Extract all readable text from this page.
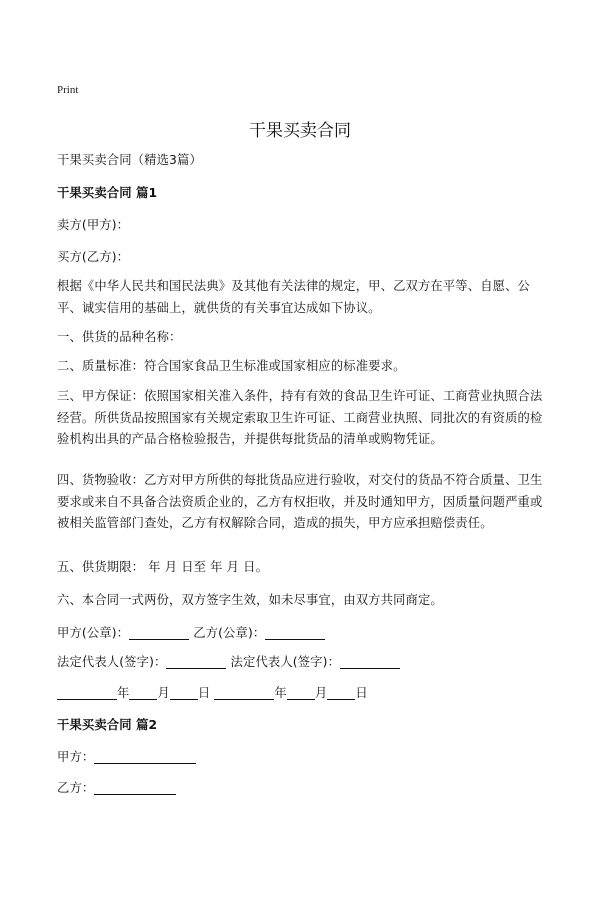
Print
干果买卖合同
干果买卖合同（精选3篇）
干果买卖合同 篇1
卖方(甲方)：
买方(乙方)：
根据《中华人民共和国民法典》及其他有关法律的规定，甲、乙双方在平等、自愿、公平、诚实信用的基础上，就供货的有关事宜达成如下协议。
一、供货的品种名称：
二、质量标准：符合国家食品卫生标准或国家相应的标准要求。
三、甲方保证：依照国家相关准入条件，持有有效的食品卫生许可证、工商营业执照合法经营。所供货品按照国家有关规定索取卫生许可证、工商营业执照、同批次的有资质的检验机构出具的产品合格检验报告，并提供每批货品的清单或购物凭证。
四、货物验收：乙方对甲方所供的每批货品应进行验收，对交付的货品不符合质量、卫生要求或来自不具备合法资质企业的，乙方有权拒收，并及时通知甲方，因质量问题严重或被相关监管部门查处，乙方有权解除合同，造成的损失，甲方应承担赔偿责任。
五、供货期限： 年 月 日至 年 月 日。
六、本合同一式两份，双方签字生效，如未尽事宜，由双方共同商定。
甲方(公章)：	乙方(公章)：
法定代表人(签字)：	法定代表人(签字)：
年 月 日	年 月 日
干果买卖合同 篇2
甲方：
乙方：
